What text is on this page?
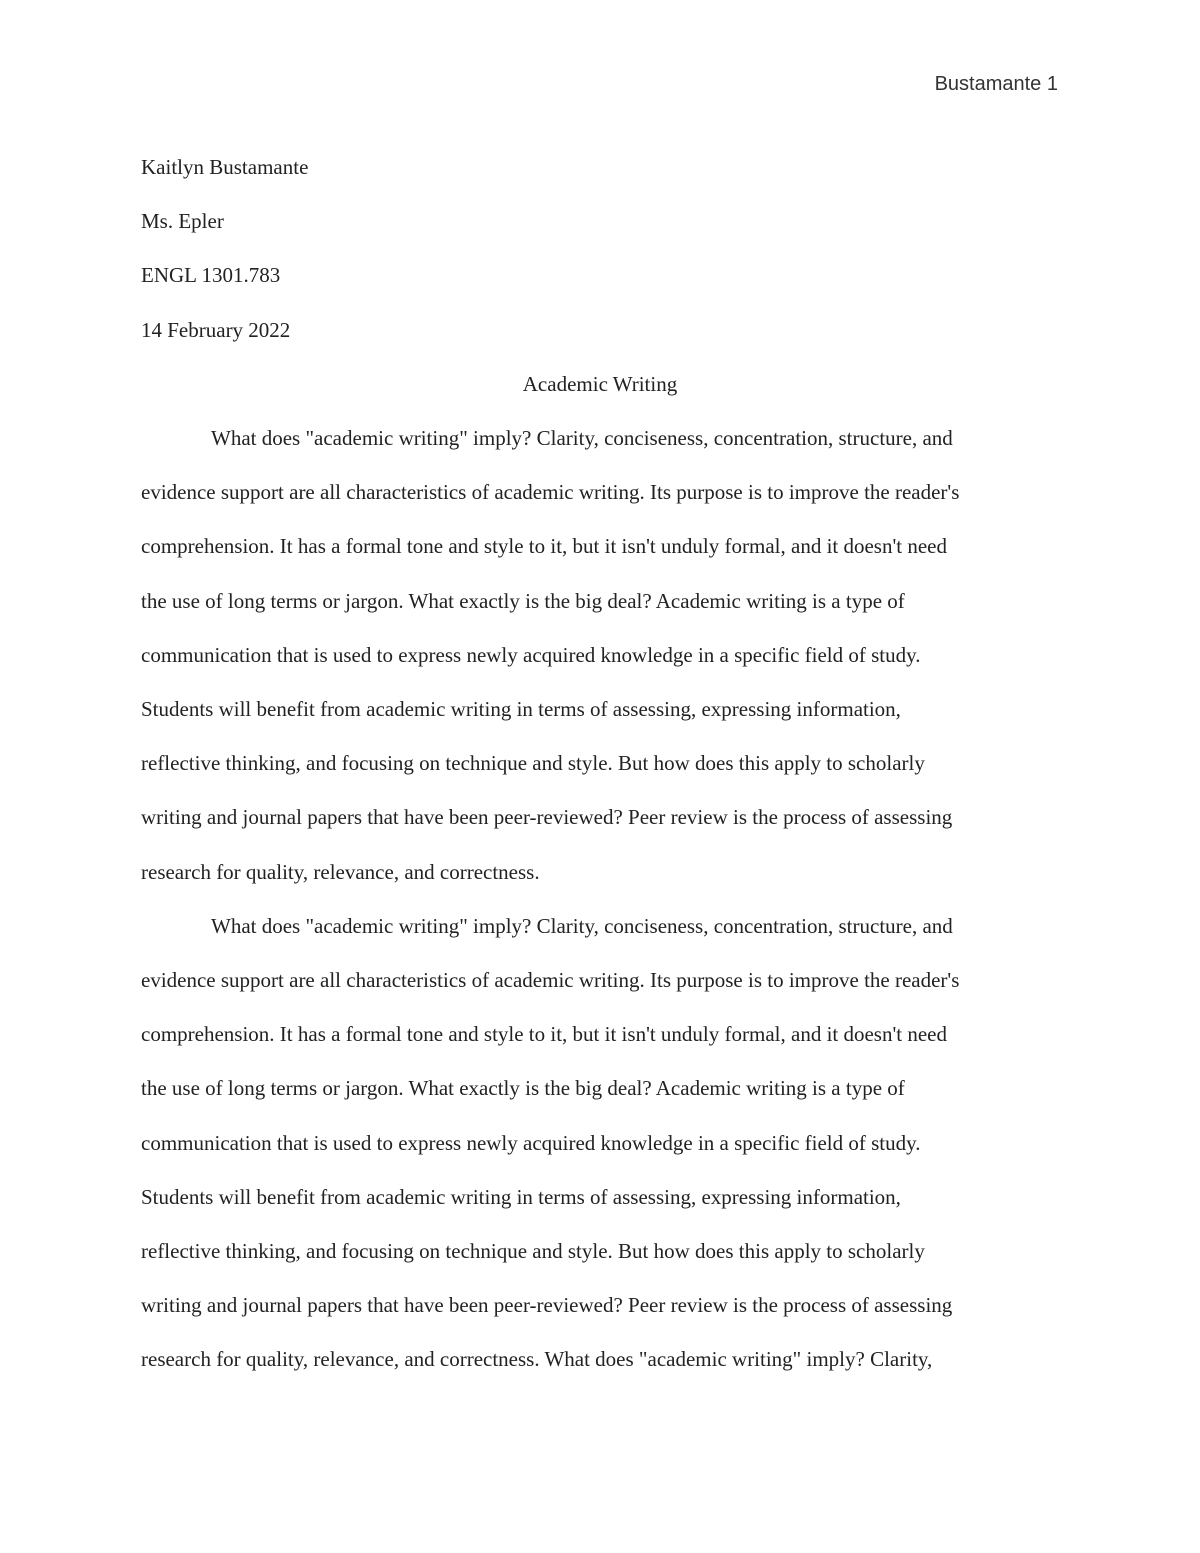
Bustamante 1
Kaitlyn Bustamante
Ms. Epler
ENGL 1301.783
14 February 2022
Academic Writing
What does "academic writing" imply? Clarity, conciseness, concentration, structure, and
evidence support are all characteristics of academic writing. Its purpose is to improve the reader's
comprehension. It has a formal tone and style to it, but it isn't unduly formal, and it doesn't need
the use of long terms or jargon. What exactly is the big deal? Academic writing is a type of
communication that is used to express newly acquired knowledge in a specific field of study.
Students will benefit from academic writing in terms of assessing, expressing information,
reflective thinking, and focusing on technique and style. But how does this apply to scholarly
writing and journal papers that have been peer-reviewed? Peer review is the process of assessing
research for quality, relevance, and correctness.
What does "academic writing" imply? Clarity, conciseness, concentration, structure, and
evidence support are all characteristics of academic writing. Its purpose is to improve the reader's
comprehension. It has a formal tone and style to it, but it isn't unduly formal, and it doesn't need
the use of long terms or jargon. What exactly is the big deal? Academic writing is a type of
communication that is used to express newly acquired knowledge in a specific field of study.
Students will benefit from academic writing in terms of assessing, expressing information,
reflective thinking, and focusing on technique and style. But how does this apply to scholarly
writing and journal papers that have been peer-reviewed? Peer review is the process of assessing
research for quality, relevance, and correctness. What does "academic writing" imply? Clarity,
